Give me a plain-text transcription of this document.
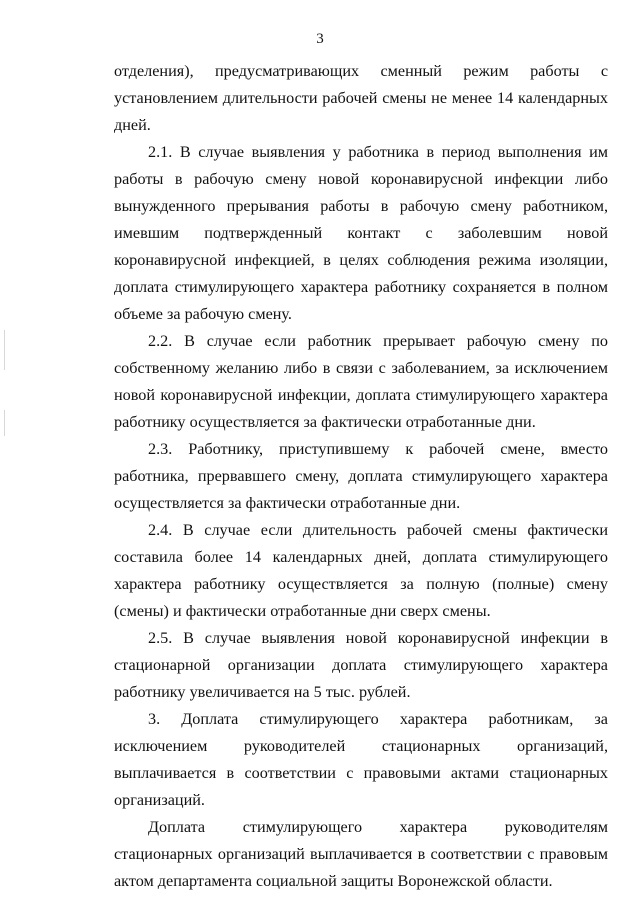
3

отделения), предусматривающих сменный режим работы с установлением длительности рабочей смены не менее 14 календарных дней.

2.1. В случае выявления у работника в период выполнения им работы в рабочую смену новой коронавирусной инфекции либо вынужденного прерывания работы в рабочую смену работником, имевшим подтвержденный контакт с заболевшим новой коронавирусной инфекцией, в целях соблюдения режима изоляции, доплата стимулирующего характера работнику сохраняется в полном объеме за рабочую смену.

2.2. В случае если работник прерывает рабочую смену по собственному желанию либо в связи с заболеванием, за исключением новой коронавирусной инфекции, доплата стимулирующего характера работнику осуществляется за фактически отработанные дни.

2.3. Работнику, приступившему к рабочей смене, вместо работника, прервавшего смену, доплата стимулирующего характера осуществляется за фактически отработанные дни.

2.4. В случае если длительность рабочей смены фактически составила более 14 календарных дней, доплата стимулирующего характера работнику осуществляется за полную (полные) смену (смены) и фактически отработанные дни сверх смены.

2.5. В случае выявления новой коронавирусной инфекции в стационарной организации доплата стимулирующего характера работнику увеличивается на 5 тыс. рублей.

3. Доплата стимулирующего характера работникам, за исключением руководителей стационарных организаций, выплачивается в соответствии с правовыми актами стационарных организаций.

Доплата стимулирующего характера руководителям стационарных организаций выплачивается в соответствии с правовым актом департамента социальной защиты Воронежской области.
